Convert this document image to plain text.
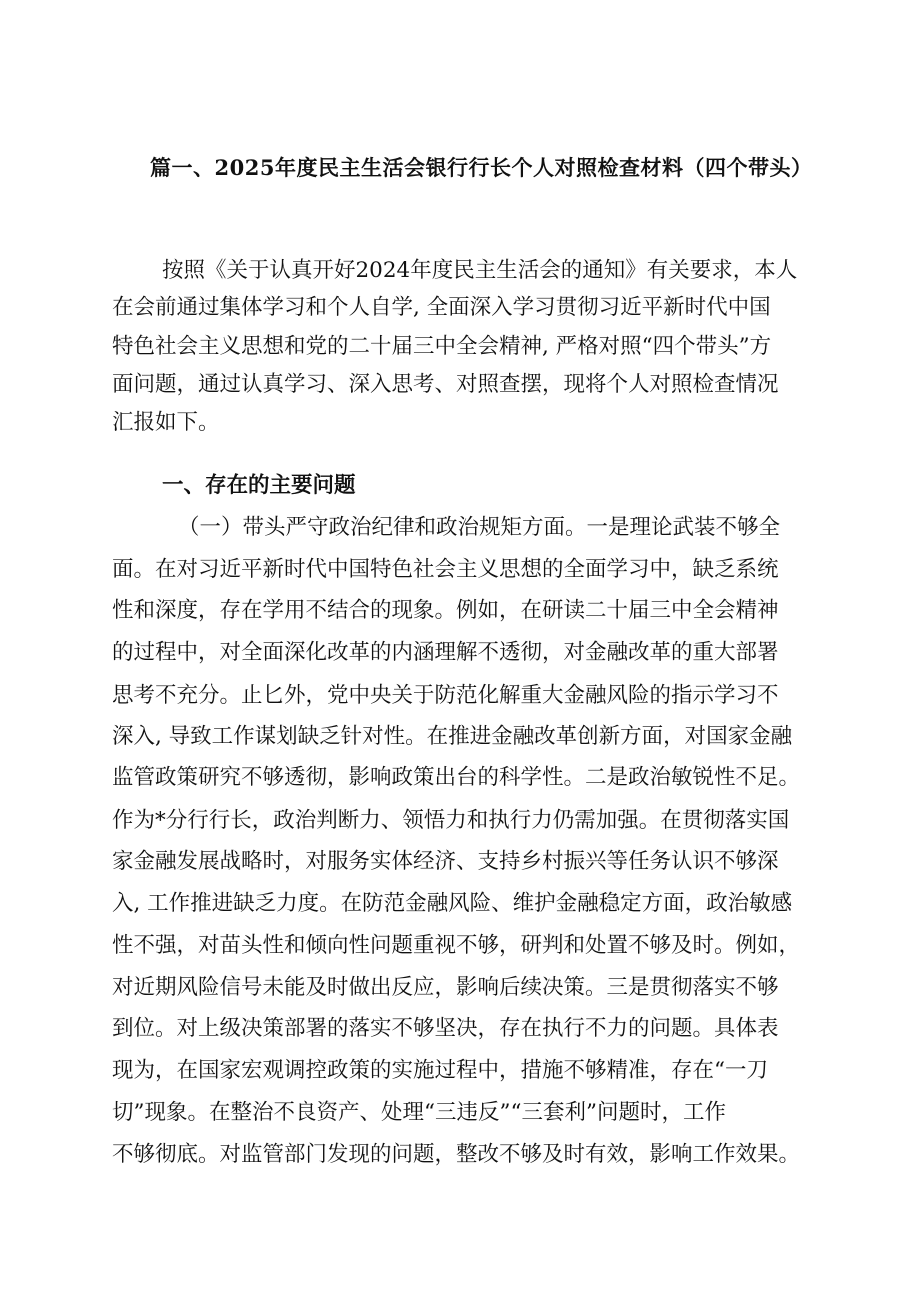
篇一、2025年度民主生活会银行行长个人对照检查材料（四个带头）
按照《关于认真开好2024年度民主生活会的通知》有关要求，本人
在会前通过集体学习和个人自学, 全面深入学习贯彻习近平新时代中国
特色社会主义思想和党的二十届三中全会精神, 严格对照“四个带头”方
面问题，通过认真学习、深入思考、对照查摆，现将个人对照检查情况
汇报如下。
一、存在的主要问题
（一）带头严守政治纪律和政治规矩方面。一是理论武装不够全
面。在对习近平新时代中国特色社会主义思想的全面学习中，缺乏系统
性和深度，存在学用不结合的现象。例如，在研读二十届三中全会精神
的过程中，对全面深化改革的内涵理解不透彻，对金融改革的重大部署
思考不充分。止匕外，党中央关于防范化解重大金融风险的指示学习不
深入, 导致工作谋划缺乏针对性。在推进金融改革创新方面，对国家金融
监管政策研究不够透彻，影响政策出台的科学性。二是政治敏锐性不足。
作为*分行行长，政治判断力、领悟力和执行力仍需加强。在贯彻落实国
家金融发展战略时，对服务实体经济、支持乡村振兴等任务认识不够深
入, 工作推进缺乏力度。在防范金融风险、维护金融稳定方面，政治敏感
性不强，对苗头性和倾向性问题重视不够，研判和处置不够及时。例如，
对近期风险信号未能及时做出反应，影响后续决策。三是贯彻落实不够
到位。对上级决策部署的落实不够坚决，存在执行不力的问题。具体表
现为，在国家宏观调控政策的实施过程中，措施不够精准，存在“一刀
切”现象。在整治不良资产、处理“三违反”“三套利”问题时，工作
不够彻底。对监管部门发现的问题，整改不够及时有效，影响工作效果。
